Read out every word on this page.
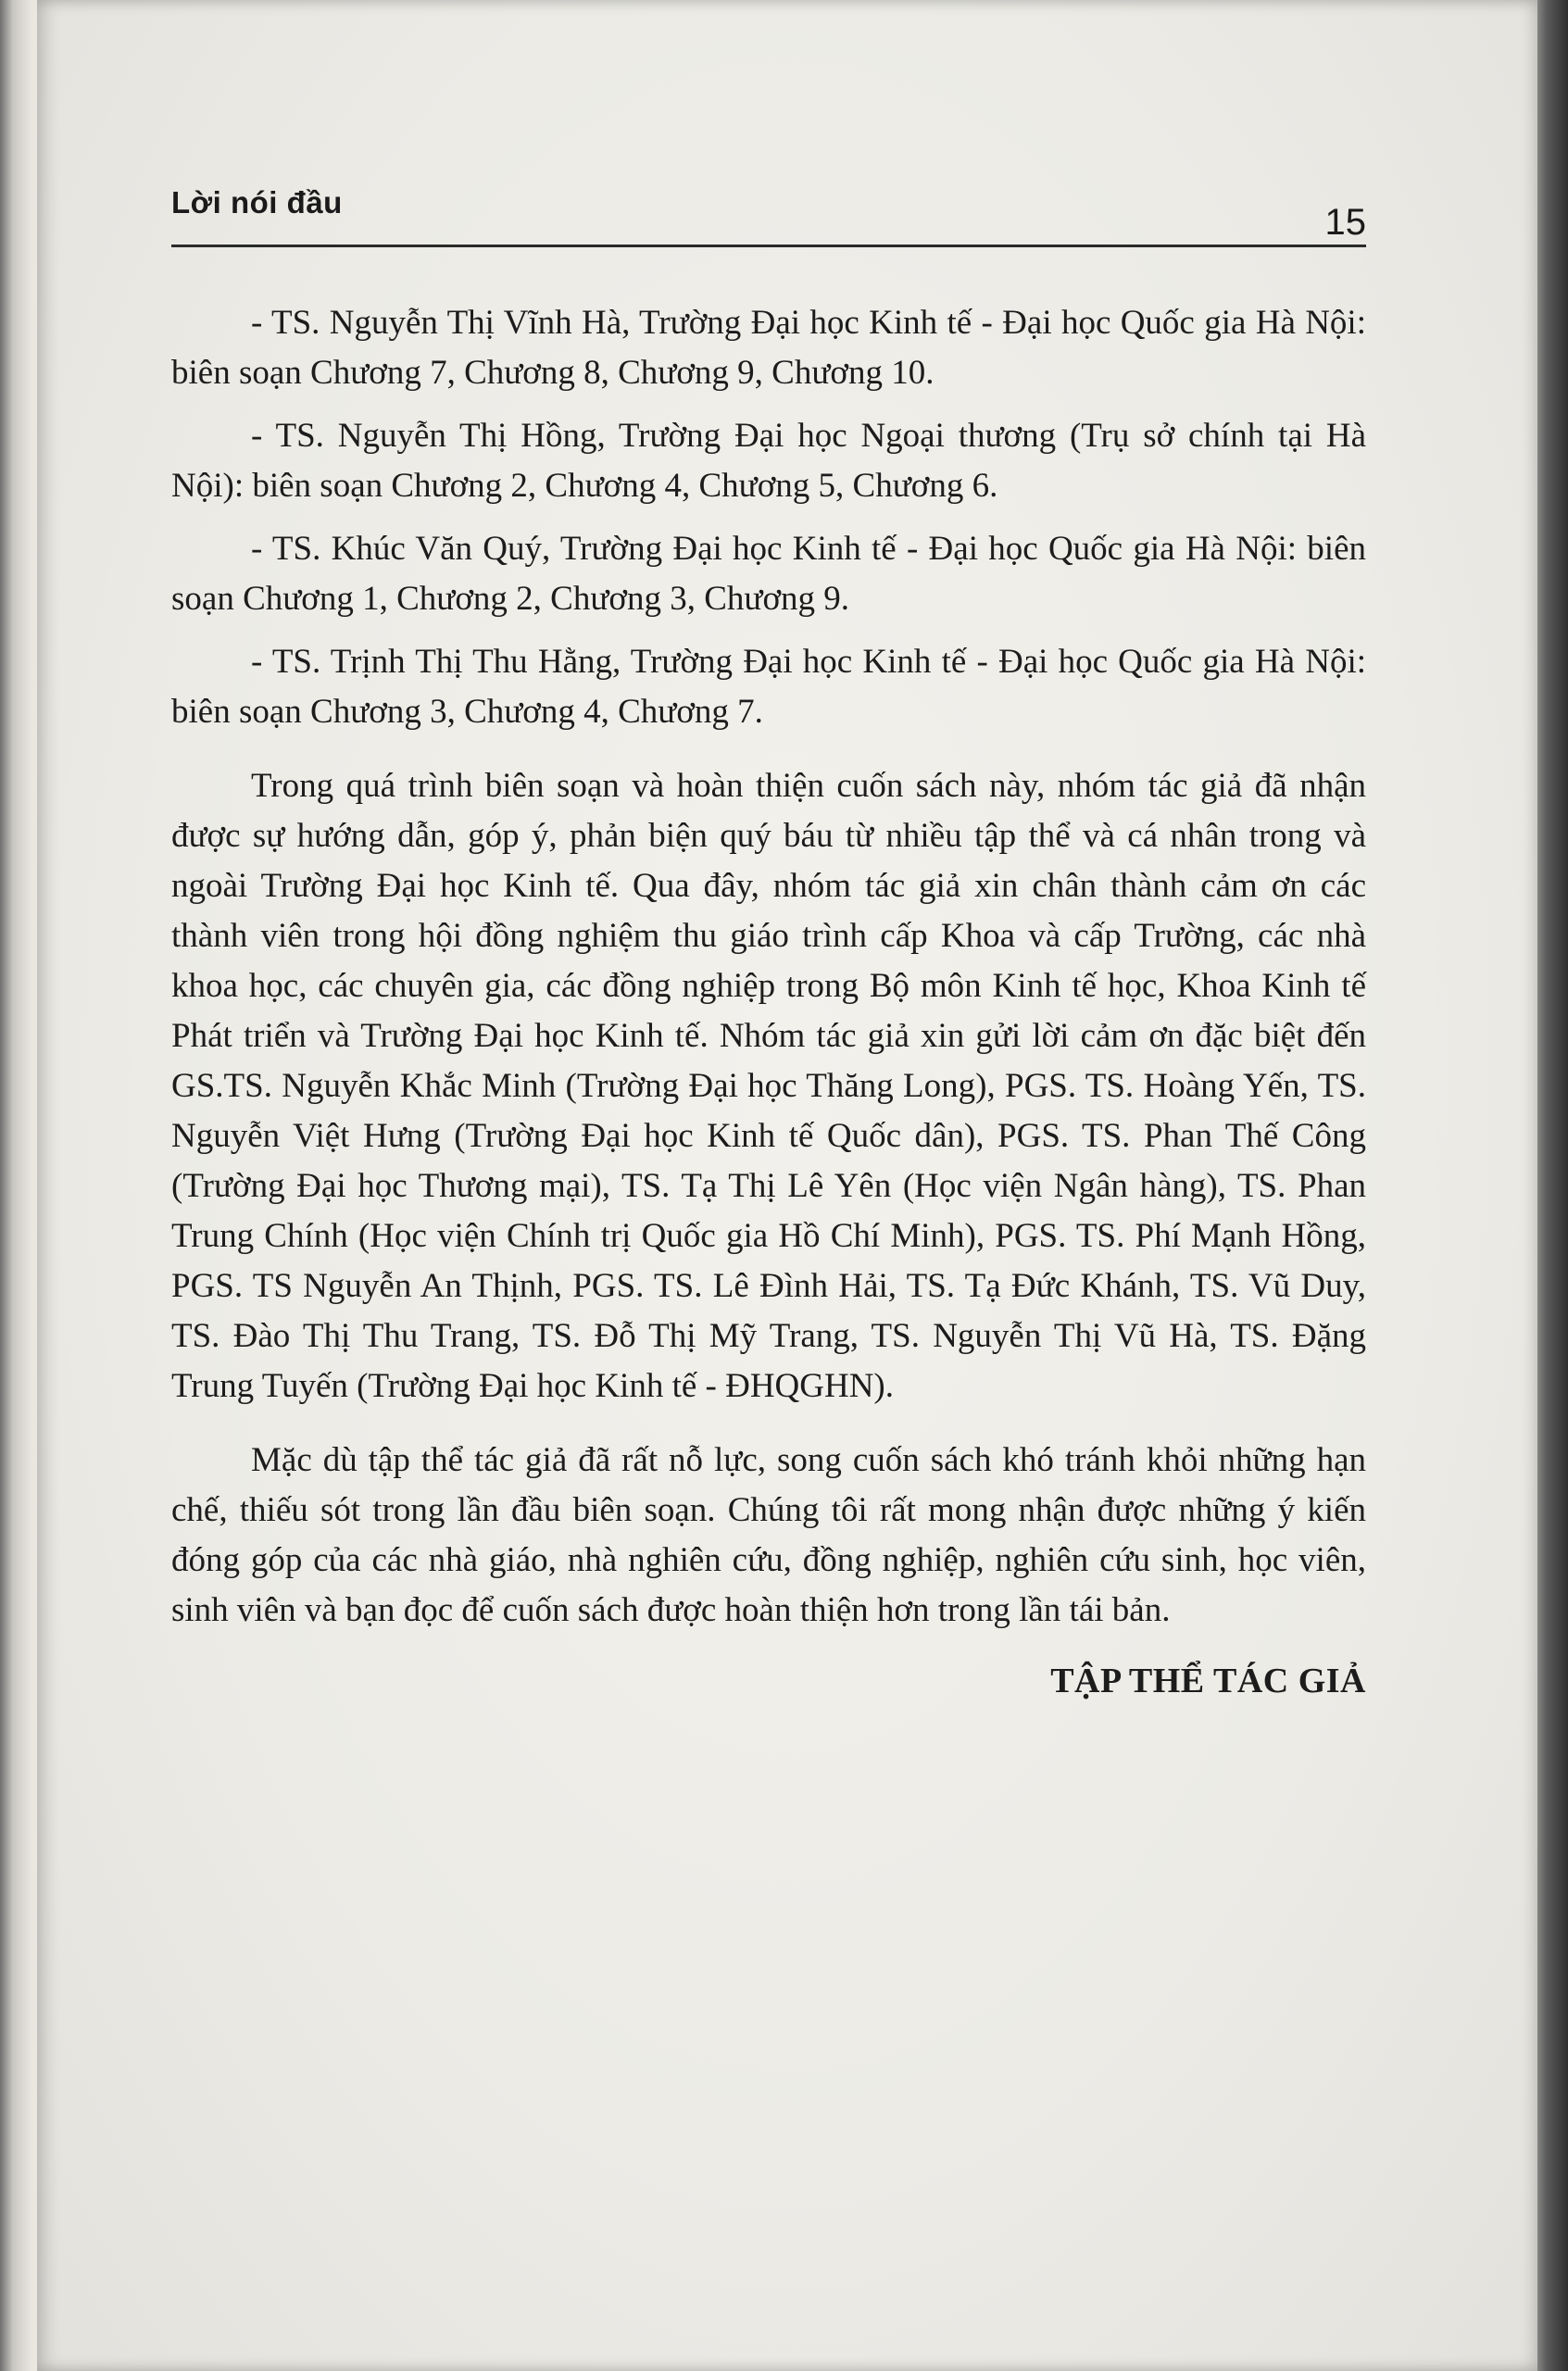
Lời nói đầu	15

- TS. Nguyễn Thị Vĩnh Hà, Trường Đại học Kinh tế - Đại học Quốc gia Hà Nội: biên soạn Chương 7, Chương 8, Chương 9, Chương 10.

- TS. Nguyễn Thị Hồng, Trường Đại học Ngoại thương (Trụ sở chính tại Hà Nội): biên soạn Chương 2, Chương 4, Chương 5, Chương 6.

- TS. Khúc Văn Quý, Trường Đại học Kinh tế - Đại học Quốc gia Hà Nội: biên soạn Chương 1, Chương 2, Chương 3, Chương 9.

- TS. Trịnh Thị Thu Hằng, Trường Đại học Kinh tế - Đại học Quốc gia Hà Nội: biên soạn Chương 3, Chương 4, Chương 7.

Trong quá trình biên soạn và hoàn thiện cuốn sách này, nhóm tác giả đã nhận được sự hướng dẫn, góp ý, phản biện quý báu từ nhiều tập thể và cá nhân trong và ngoài Trường Đại học Kinh tế. Qua đây, nhóm tác giả xin chân thành cảm ơn các thành viên trong hội đồng nghiệm thu giáo trình cấp Khoa và cấp Trường, các nhà khoa học, các chuyên gia, các đồng nghiệp trong Bộ môn Kinh tế học, Khoa Kinh tế Phát triển và Trường Đại học Kinh tế. Nhóm tác giả xin gửi lời cảm ơn đặc biệt đến GS.TS. Nguyễn Khắc Minh (Trường Đại học Thăng Long), PGS. TS. Hoàng Yến, TS. Nguyễn Việt Hưng (Trường Đại học Kinh tế Quốc dân), PGS. TS. Phan Thế Công (Trường Đại học Thương mại), TS. Tạ Thị Lê Yên (Học viện Ngân hàng), TS. Phan Trung Chính (Học viện Chính trị Quốc gia Hồ Chí Minh), PGS. TS. Phí Mạnh Hồng, PGS. TS Nguyễn An Thịnh, PGS. TS. Lê Đình Hải, TS. Tạ Đức Khánh, TS. Vũ Duy, TS. Đào Thị Thu Trang, TS. Đỗ Thị Mỹ Trang, TS. Nguyễn Thị Vũ Hà, TS. Đặng Trung Tuyến (Trường Đại học Kinh tế - ĐHQGHN).

Mặc dù tập thể tác giả đã rất nỗ lực, song cuốn sách khó tránh khỏi những hạn chế, thiếu sót trong lần đầu biên soạn. Chúng tôi rất mong nhận được những ý kiến đóng góp của các nhà giáo, nhà nghiên cứu, đồng nghiệp, nghiên cứu sinh, học viên, sinh viên và bạn đọc để cuốn sách được hoàn thiện hơn trong lần tái bản.

TẬP THỂ TÁC GIẢ
